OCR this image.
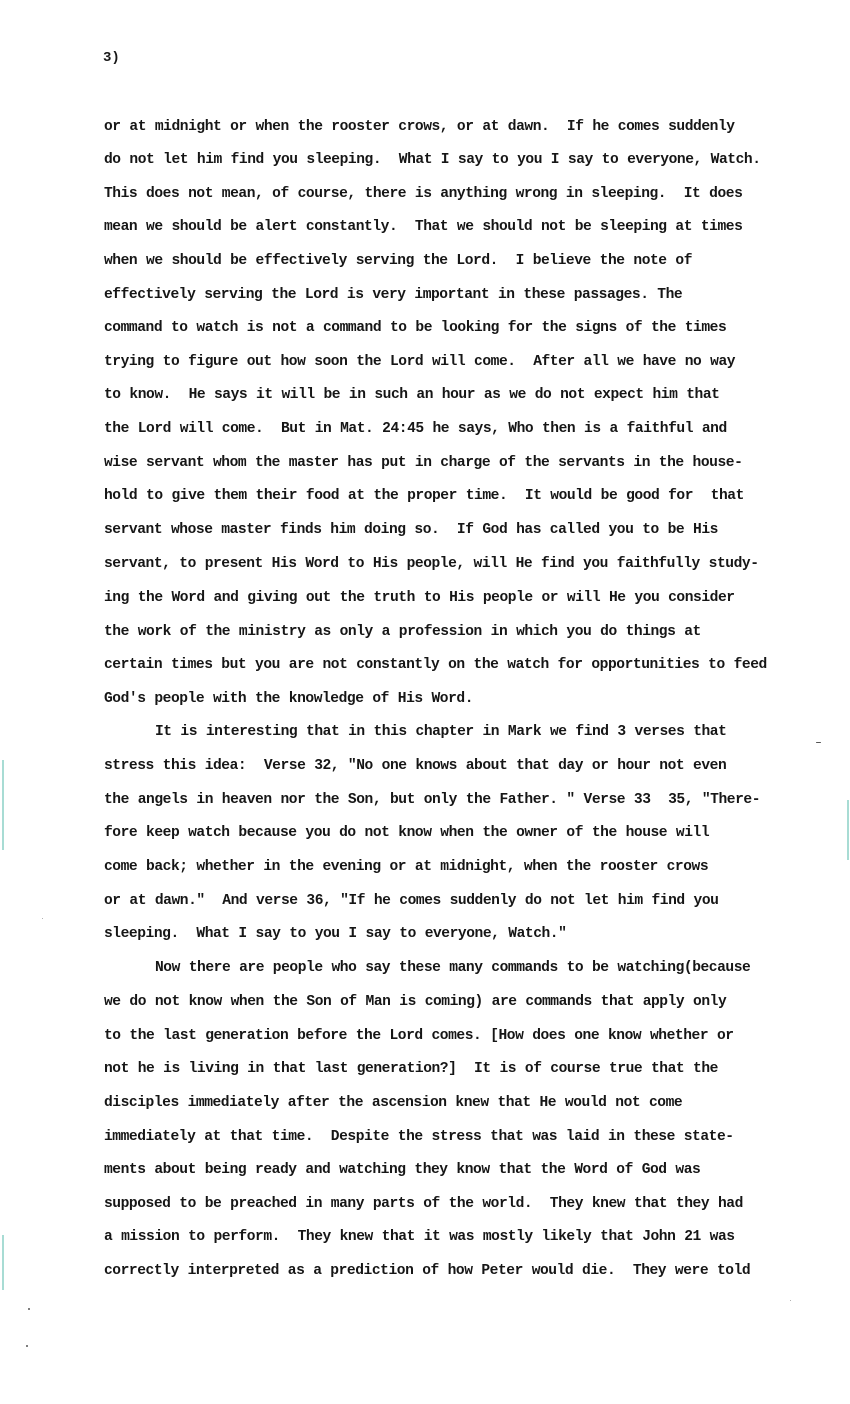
3)
or at midnight or when the rooster crows, or at dawn.  If he comes suddenly
do not let him find you sleeping.  What I say to you I say to everyone, Watch.
This does not mean, of course, there is anything wrong in sleeping.  It does
mean we should be alert constantly.  That we should not be sleeping at times
when we should be effectively serving the Lord.  I believe the note of
effectively serving the Lord is very important in these passages. The
command to watch is not a command to be looking for the signs of the times
trying to figure out how soon the Lord will come.  After all we have no way
to know.  He says it will be in such an hour as we do not expect him that
the Lord will come.  But in Mat. 24:45 he says, Who then is a faithful and
wise servant whom the master has put in charge of the servants in the house-
hold to give them their food at the proper time.  It would be good for  that
servant whose master finds him doing so.  If God has called you to be His
servant, to present His Word to His people, will He find you faithfully study-
ing the Word and giving out the truth to His people or will He you consider
the work of the ministry as only a profession in which you do things at
certain times but you are not constantly on the watch for opportunities to feed
God's people with the knowledge of His Word.
It is interesting that in this chapter in Mark we find 3 verses that
stress this idea:  Verse 32, "No one knows about that day or hour not even
the angels in heaven nor the Son, but only the Father. " Verse 33  35, "There-
fore keep watch because you do not know when the owner of the house will
come back; whether in the evening or at midnight, when the rooster crows
or at dawn."  And verse 36, "If he comes suddenly do not let him find you
sleeping.  What I say to you I say to everyone, Watch."
Now there are people who say these many commands to be watching(because
we do not know when the Son of Man is coming) are commands that apply only
to the last generation before the Lord comes. [How does one know whether or
not he is living in that last generation?]  It is of course true that the
disciples immediately after the ascension knew that He would not come
immediately at that time.  Despite the stress that was laid in these state-
ments about being ready and watching they know that the Word of God was
supposed to be preached in many parts of the world.  They knew that they had
a mission to perform.  They knew that it was mostly likely that John 21 was
correctly interpreted as a prediction of how Peter would die.  They were told
